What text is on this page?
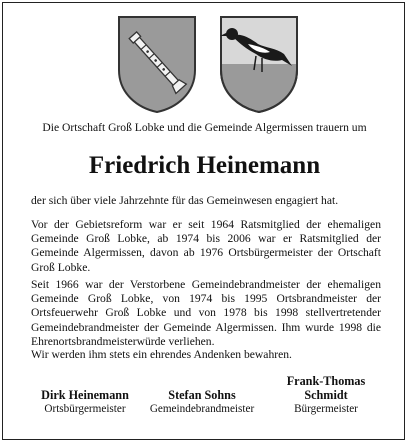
Die Ortschaft Groß Lobke und die Gemeinde Algermissen trauern um
Friedrich Heinemann
der sich über viele Jahrzehnte für das Gemeinwesen engagiert hat.
Vor der Gebietsreform war er seit 1964 Ratsmitglied der ehemaligen Gemeinde Groß Lobke, ab 1974 bis 2006 war er Ratsmitglied der Gemeinde Algermissen, davon ab 1976 Ortsbürgermeister der Ortschaft Groß Lobke.
Seit 1966 war der Verstorbene Gemeindebrandmeister der ehemaligen Gemeinde Groß Lobke, von 1974 bis 1995 Ortsbrandmeister der Ortsfeuerwehr Groß Lobke und von 1978 bis 1998 stellvertretender Gemeindebrandmeister der Gemeinde Algermissen. Ihm wurde 1998 die Ehrenortsbrandmeisterwürde verliehen.
Wir werden ihm stets ein ehrendes Andenken bewahren.
Dirk Heinemann
Ortsbürgermeister
Stefan Sohns
Gemeindebrandmeister
Frank-Thomas Schmidt
Bürgermeister
